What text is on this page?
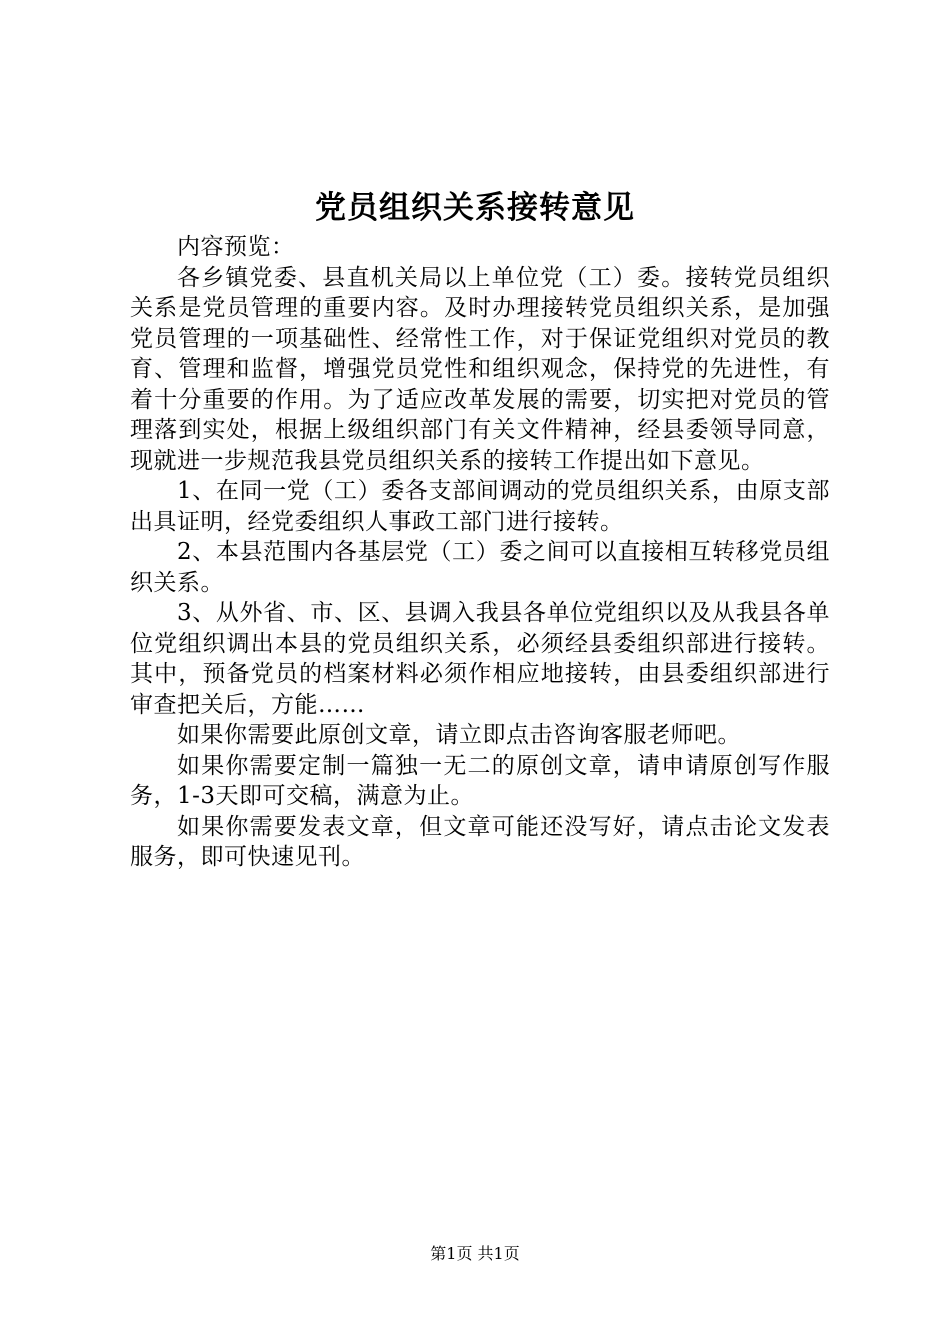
党员组织关系接转意见

内容预览：

各乡镇党委、县直机关局以上单位党（工）委。接转党员组织关系是党员管理的重要内容。及时办理接转党员组织关系，是加强党员管理的一项基础性、经常性工作，对于保证党组织对党员的教育、管理和监督，增强党员党性和组织观念，保持党的先进性，有着十分重要的作用。为了适应改革发展的需要，切实把对党员的管理落到实处，根据上级组织部门有关文件精神，经县委领导同意，现就进一步规范我县党员组织关系的接转工作提出如下意见。

1、在同一党（工）委各支部间调动的党员组织关系，由原支部出具证明，经党委组织人事政工部门进行接转。

2、本县范围内各基层党（工）委之间可以直接相互转移党员组织关系。

3、从外省、市、区、县调入我县各单位党组织以及从我县各单位党组织调出本县的党员组织关系，必须经县委组织部进行接转。其中，预备党员的档案材料必须作相应地接转，由县委组织部进行审查把关后，方能……

如果你需要此原创文章，请立即点击咨询客服老师吧。

如果你需要定制一篇独一无二的原创文章，请申请原创写作服务，1-3天即可交稿，满意为止。

如果你需要发表文章，但文章可能还没写好，请点击论文发表服务，即可快速见刊。

第1页 共1页
